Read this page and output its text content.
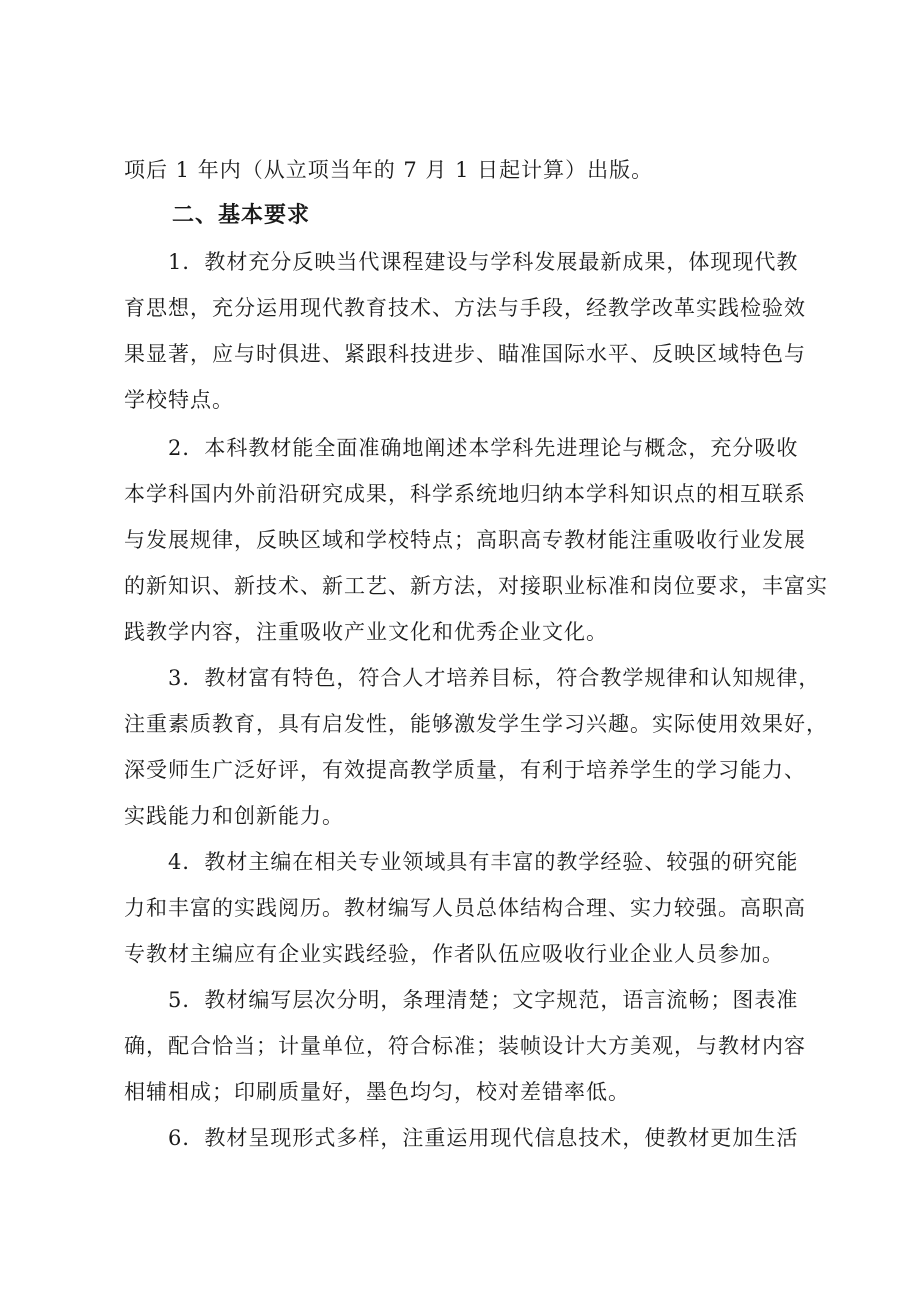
项后 1 年内（从立项当年的 7 月 1 日起计算）出版。
二、基本要求
　　1．教材充分反映当代课程建设与学科发展最新成果，体现现代教
育思想，充分运用现代教育技术、方法与手段，经教学改革实践检验效
果显著，应与时俱进、紧跟科技进步、瞄准国际水平、反映区域特色与
学校特点。
　　2．本科教材能全面准确地阐述本学科先进理论与概念，充分吸收
本学科国内外前沿研究成果，科学系统地归纳本学科知识点的相互联系
与发展规律，反映区域和学校特点；高职高专教材能注重吸收行业发展
的新知识、新技术、新工艺、新方法，对接职业标准和岗位要求，丰富实
践教学内容，注重吸收产业文化和优秀企业文化。
　　3．教材富有特色，符合人才培养目标，符合教学规律和认知规律，
注重素质教育，具有启发性，能够激发学生学习兴趣。实际使用效果好，
深受师生广泛好评，有效提高教学质量，有利于培养学生的学习能力、
实践能力和创新能力。
　　4．教材主编在相关专业领域具有丰富的教学经验、较强的研究能
力和丰富的实践阅历。教材编写人员总体结构合理、实力较强。高职高
专教材主编应有企业实践经验，作者队伍应吸收行业企业人员参加。
　　5．教材编写层次分明，条理清楚；文字规范，语言流畅；图表准
确，配合恰当；计量单位，符合标准；装帧设计大方美观，与教材内容
相辅相成；印刷质量好，墨色均匀，校对差错率低。
　　6．教材呈现形式多样，注重运用现代信息技术，使教材更加生活
